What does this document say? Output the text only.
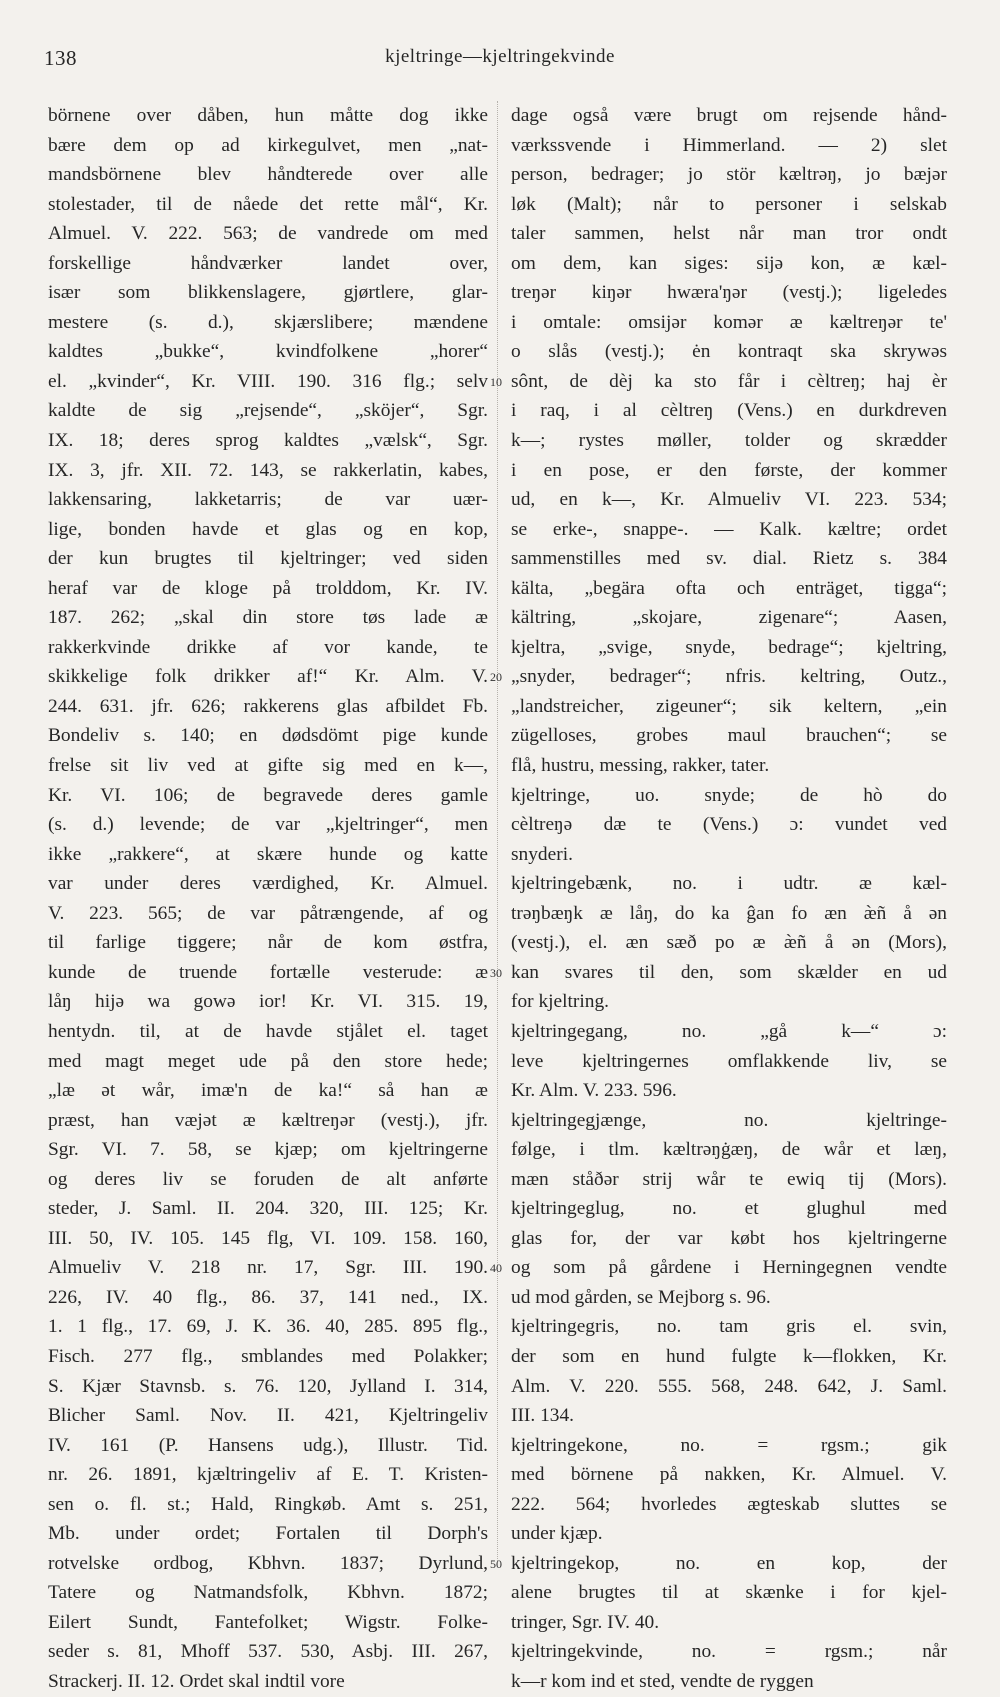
138	kjeltringe—kjeltringekvinde
börnene over dåben, hun måtte dog ikke
bære dem op ad kirkegulvet, men „nat-
mandsbörnene blev håndterede over alle
stolestader, til de nåede det rette mål“, Kr.
Almuel. V. 222. 563; de vandrede om med
forskellige håndværker landet over,
især som blikkenslagere, gjørtlere, glar-
mestere (s. d.), skjærslibere; mændene
kaldtes „bukke“, kvindfolkene „horer“
el. „kvinder“, Kr. VIII. 190. 316 flg.; selv
kaldte de sig „rejsende“, „sköjer“, Sgr.
IX. 18; deres sprog kaldtes „vælsk“, Sgr.
IX. 3, jfr. XII. 72. 143, se rakkerlatin, kabes,
lakkensaring, lakketarris; de var uær-
lige, bonden havde et glas og en kop,
der kun brugtes til kjeltringer; ved siden
heraf var de kloge på trolddom, Kr. IV.
187. 262; „skal din store tøs lade æ
rakkerkvinde drikke af vor kande, te
skikkelige folk drikker af!“ Kr. Alm. V.
244. 631. jfr. 626; rakkerens glas afbildet Fb.
Bondeliv s. 140; en dødsdömt pige kunde
frelse sit liv ved at gifte sig med en k—,
Kr. VI. 106; de begravede deres gamle
(s. d.) levende; de var „kjeltringer“, men
ikke „rakkere“, at skære hunde og katte
var under deres værdighed, Kr. Almuel.
V. 223. 565; de var påtrængende, af og
til farlige tiggere; når de kom østfra,
kunde de truende fortælle vesterude: æ
låŋ hijə wa gowə ior! Kr. VI. 315. 19,
hentydn. til, at de havde stjålet el. taget
med magt meget ude på den store hede;
„læ ət wår, imæ'n de ka!“ så han æ
præst, han væjət æ kæltreŋər (vestj.), jfr.
Sgr. VI. 7. 58, se kjæp; om kjeltringerne
og deres liv se foruden de alt anførte
steder, J. Saml. II. 204. 320, III. 125; Kr.
III. 50, IV. 105. 145 flg, VI. 109. 158. 160,
Almueliv V. 218 nr. 17, Sgr. III. 190.
226, IV. 40 flg., 86. 37, 141 ned., IX.
1. 1 flg., 17. 69, J. K. 36. 40, 285. 895 flg.,
Fisch. 277 flg., smblandes med Polakker;
S. Kjær Stavnsb. s. 76. 120, Jylland I. 314,
Blicher Saml. Nov. II. 421, Kjeltringeliv
IV. 161 (P. Hansens udg.), Illustr. Tid.
nr. 26. 1891, kjæltringeliv af E. T. Kristen-
sen o. fl. st.; Hald, Ringkøb. Amt s. 251,
Mb. under ordet; Fortalen til Dorph's
rotvelske ordbog, Kbhvn. 1837; Dyrlund,
Tatere og Natmandsfolk, Kbhvn. 1872;
Eilert Sundt, Fantefolket; Wigstr. Folke-
seder s. 81, Mhoff 537. 530, Asbj. III. 267,
Strackerj. II. 12. Ordet skal indtil vore
dage også være brugt om rejsende hånd-
værkssvende i Himmerland. — 2) slet
person, bedrager; jo stör kæltrəŋ, jo bæjər
løk (Malt); når to personer i selskab
taler sammen, helst når man tror ondt
om dem, kan siges: sijə kon, æ kæl-
treŋər kiŋər hwæra'ŋər (vestj.); ligeledes
i omtale: omsijər komər æ kæltreŋər te'
o slås (vestj.); ėn kontraqt ska skrywəs
sônt, de dèj ka sto får i cèltreŋ; haj èr
i raq, i al cèltreŋ (Vens.) en durkdreven
k—; rystes møller, tolder og skrædder
i en pose, er den første, der kommer
ud, en k—, Kr. Almueliv VI. 223. 534;
se erke-, snappe-. — Kalk. kæltre; ordet
sammenstilles med sv. dial. Rietz s. 384
kälta, „begära ofta och enträget, tigga“;
kältring, „skojare, zigenare“; Aasen,
kjeltra, „svige, snyde, bedrage“; kjeltring,
„snyder, bedrager“; nfris. keltring, Outz.,
„landstreicher, zigeuner“; sik keltern, „ein
zügelloses, grobes maul brauchen“; se
flå, hustru, messing, rakker, tater.
kjeltringe, uo. snyde; de hò do
cèltreŋə dæ te (Vens.) ɔ: vundet ved
snyderi.
kjeltringebænk, no. i udtr. æ kæl-
trəŋbæŋk æ låŋ, do ka ĝan fo æn æ̀ñ å ən
(vestj.), el. æn sæð po æ æ̀ñ å ən (Mors),
kan svares til den, som skælder en ud
for kjeltring.
kjeltringegang, no. „gå k—“ ɔ:
leve kjeltringernes omflakkende liv, se
Kr. Alm. V. 233. 596.
kjeltringegjænge, no. kjeltringe-
følge, i tlm. kæltrəŋġæŋ, de wår et læŋ,
mæn ståðər strij wår te ewiq tij (Mors).
kjeltringeglug, no. et glughul med
glas for, der var købt hos kjeltringerne
og som på gårdene i Herningegnen vendte
ud mod gården, se Mejborg s. 96.
kjeltringegris, no. tam gris el. svin,
der som en hund fulgte k—flokken, Kr.
Alm. V. 220. 555. 568, 248. 642, J. Saml.
III. 134.
kjeltringekone, no. = rgsm.; gik
med börnene på nakken, Kr. Almuel. V.
222. 564; hvorledes ægteskab sluttes se
under kjæp.
kjeltringekop, no. en kop, der
alene brugtes til at skænke i for kjel-
tringer, Sgr. IV. 40.
kjeltringekvinde, no. = rgsm.; når
k—r kom ind et sted, vendte de ryggen
10
20
30
40
50
